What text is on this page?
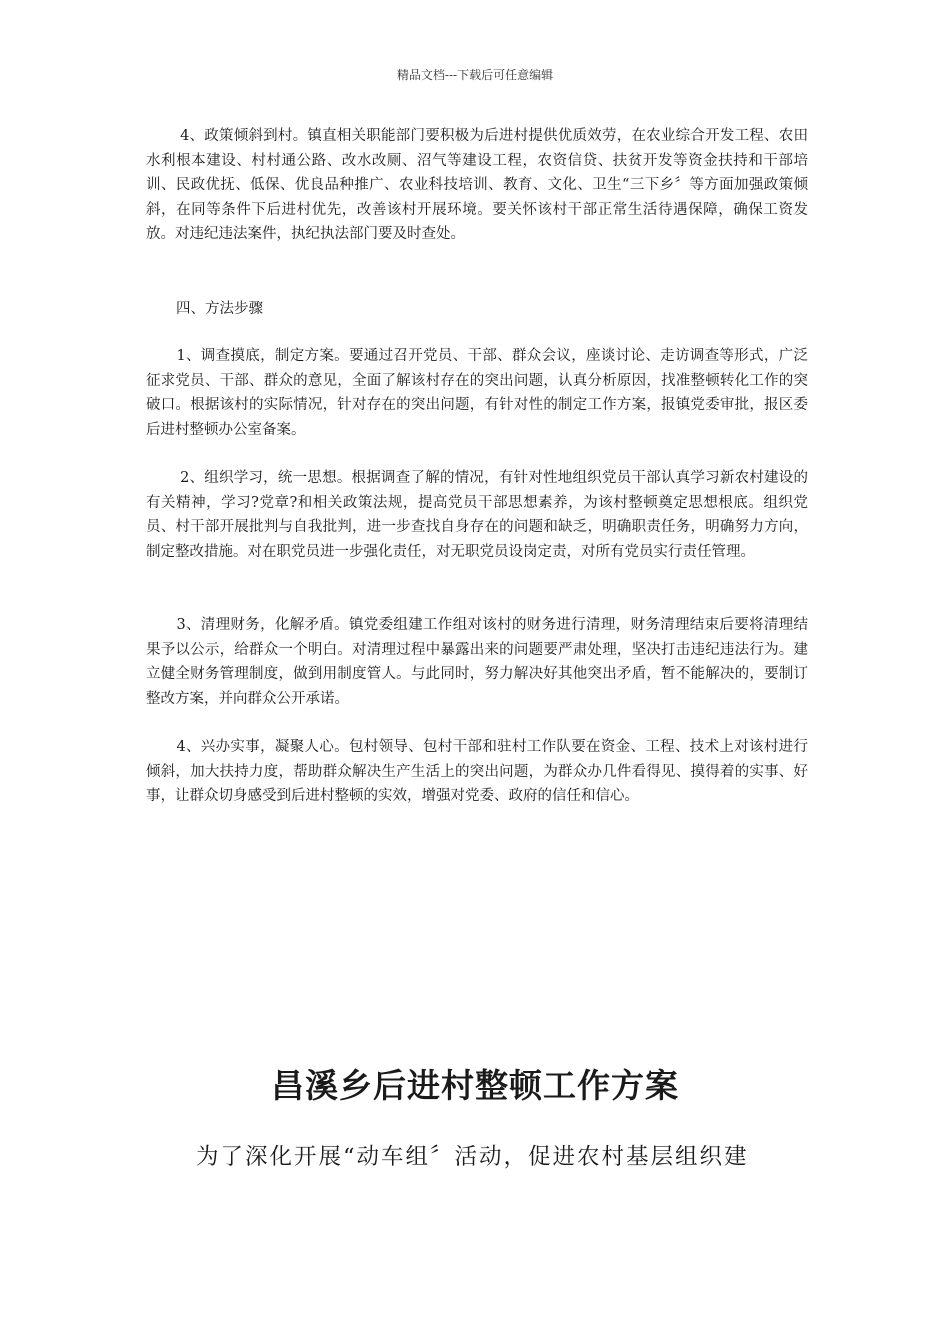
精品文档---下载后可任意编辑

4、政策倾斜到村。镇直相关职能部门要积极为后进村提供优质效劳，在农业综合开发工程、农田水利根本建设、村村通公路、改水改厕、沼气等建设工程，农资信贷、扶贫开发等资金扶持和干部培训、民政优抚、低保、优良品种推广、农业科技培训、教育、文化、卫生“三下乡〞等方面加强政策倾斜，在同等条件下后进村优先，改善该村开展环境。要关怀该村干部正常生活待遇保障，确保工资发放。对违纪违法案件，执纪执法部门要及时查处。

四、方法步骤

1、调查摸底，制定方案。要通过召开党员、干部、群众会议，座谈讨论、走访调查等形式，广泛征求党员、干部、群众的意见，全面了解该村存在的突出问题，认真分析原因，找准整顿转化工作的突破口。根据该村的实际情况，针对存在的突出问题，有针对性的制定工作方案，报镇党委审批，报区委后进村整顿办公室备案。

2、组织学习，统一思想。根据调查了解的情况，有针对性地组织党员干部认真学习新农村建设的有关精神，学习?党章?和相关政策法规，提高党员干部思想素养，为该村整顿奠定思想根底。组织党员、村干部开展批判与自我批判，进一步查找自身存在的问题和缺乏，明确职责任务，明确努力方向，制定整改措施。对在职党员进一步强化责任，对无职党员设岗定责，对所有党员实行责任管理。

3、清理财务，化解矛盾。镇党委组建工作组对该村的财务进行清理，财务清理结束后要将清理结果予以公示，给群众一个明白。对清理过程中暴露出来的问题要严肃处理，坚决打击违纪违法行为。建立健全财务管理制度，做到用制度管人。与此同时，努力解决好其他突出矛盾，暂不能解决的，要制订整改方案，并向群众公开承诺。

4、兴办实事，凝聚人心。包村领导、包村干部和驻村工作队要在资金、工程、技术上对该村进行倾斜，加大扶持力度，帮助群众解决生产生活上的突出问题，为群众办几件看得见、摸得着的实事、好事，让群众切身感受到后进村整顿的实效，增强对党委、政府的信任和信心。

昌溪乡后进村整顿工作方案

为了深化开展“动车组〞活动，促进农村基层组织建
